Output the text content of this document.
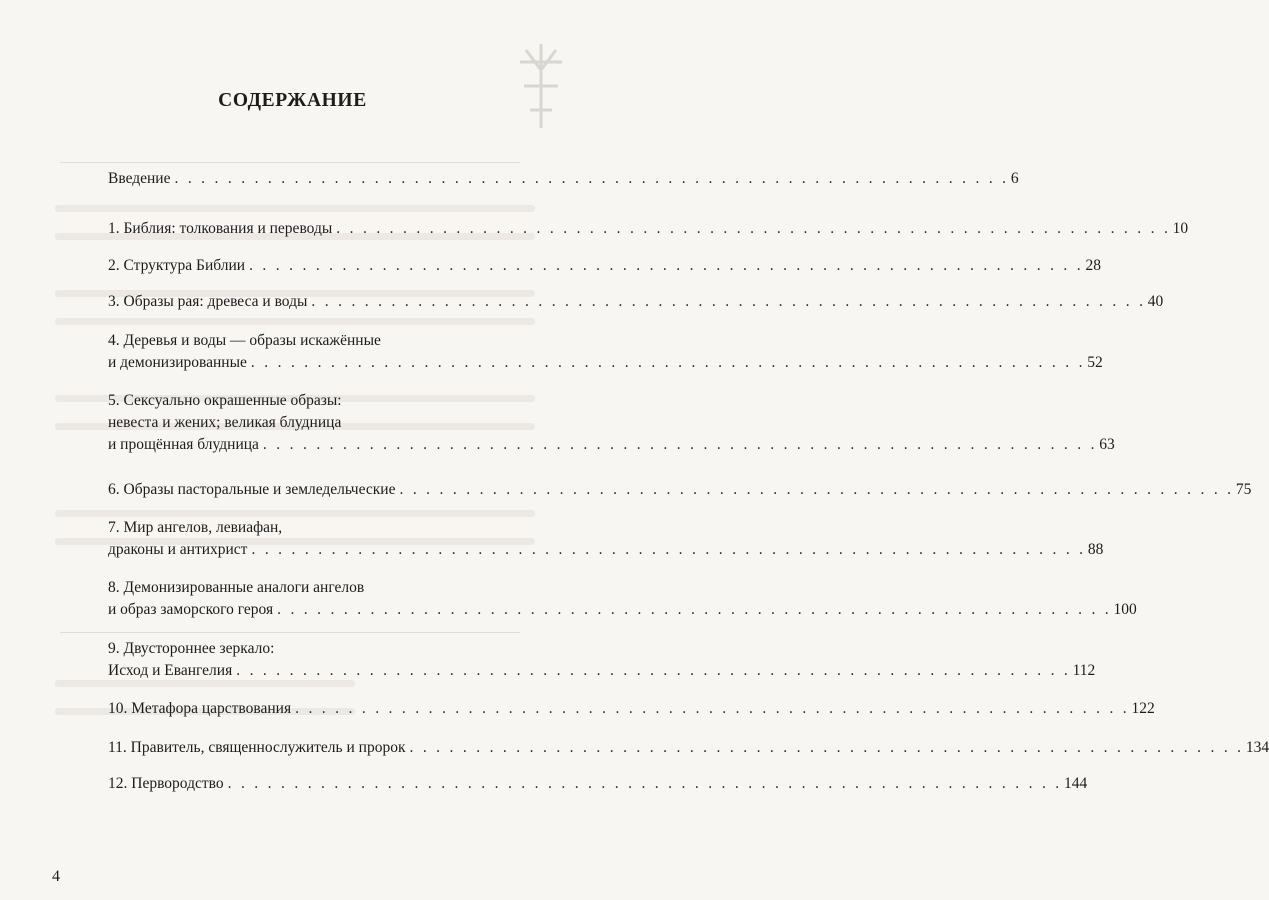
СОДЕРЖАНИЕ
Введение . . . . . . . . . . . . . . . . . . . . . . . . . . . . . . . . . . . . . . . . . . . . . . . . . . . . . . . . . . . . . . . 6
1. Библия: толкования и переводы . . . . . . . . . . . . . . . . . . . . . . . . . . . . . . . . . . . . . . . . . . . . . . . . . . . . . . . . . . . . . . . 10
2. Структура Библии . . . . . . . . . . . . . . . . . . . . . . . . . . . . . . . . . . . . . . . . . . . . . . . . . . . . . . . . . . . . . . . 28
3. Образы рая: древеса и воды . . . . . . . . . . . . . . . . . . . . . . . . . . . . . . . . . . . . . . . . . . . . . . . . . . . . . . . . . . . . . . . 40
4. Деревья и воды — образы искажённые
и демонизированные . . . . . . . . . . . . . . . . . . . . . . . . . . . . . . . . . . . . . . . . . . . . . . . . . . . . . . . . . . . . . . . 52
5. Сексуально окрашенные образы:
невеста и жених; великая блудница
и прощённая блудница . . . . . . . . . . . . . . . . . . . . . . . . . . . . . . . . . . . . . . . . . . . . . . . . . . . . . . . . . . . . . . . 63
6. Образы пасторальные и земледельческие . . . . . . . . . . . . . . . . . . . . . . . . . . . . . . . . . . . . . . . . . . . . . . . . . . . . . . . . . . . . . . . 75
7. Мир ангелов, левиафан,
драконы и антихрист . . . . . . . . . . . . . . . . . . . . . . . . . . . . . . . . . . . . . . . . . . . . . . . . . . . . . . . . . . . . . . . 88
8. Демонизированные аналоги ангелов
и образ заморского героя . . . . . . . . . . . . . . . . . . . . . . . . . . . . . . . . . . . . . . . . . . . . . . . . . . . . . . . . . . . . . . . 100
9. Двустороннее зеркало:
Исход и Евангелия . . . . . . . . . . . . . . . . . . . . . . . . . . . . . . . . . . . . . . . . . . . . . . . . . . . . . . . . . . . . . . . 112
10. Метафора царствования . . . . . . . . . . . . . . . . . . . . . . . . . . . . . . . . . . . . . . . . . . . . . . . . . . . . . . . . . . . . . . . 122
11. Правитель, священнослужитель и пророк . . . . . . . . . . . . . . . . . . . . . . . . . . . . . . . . . . . . . . . . . . . . . . . . . . . . . . . . . . . . . . . 134
12. Первородство . . . . . . . . . . . . . . . . . . . . . . . . . . . . . . . . . . . . . . . . . . . . . . . . . . . . . . . . . . . . . . . 144
4
